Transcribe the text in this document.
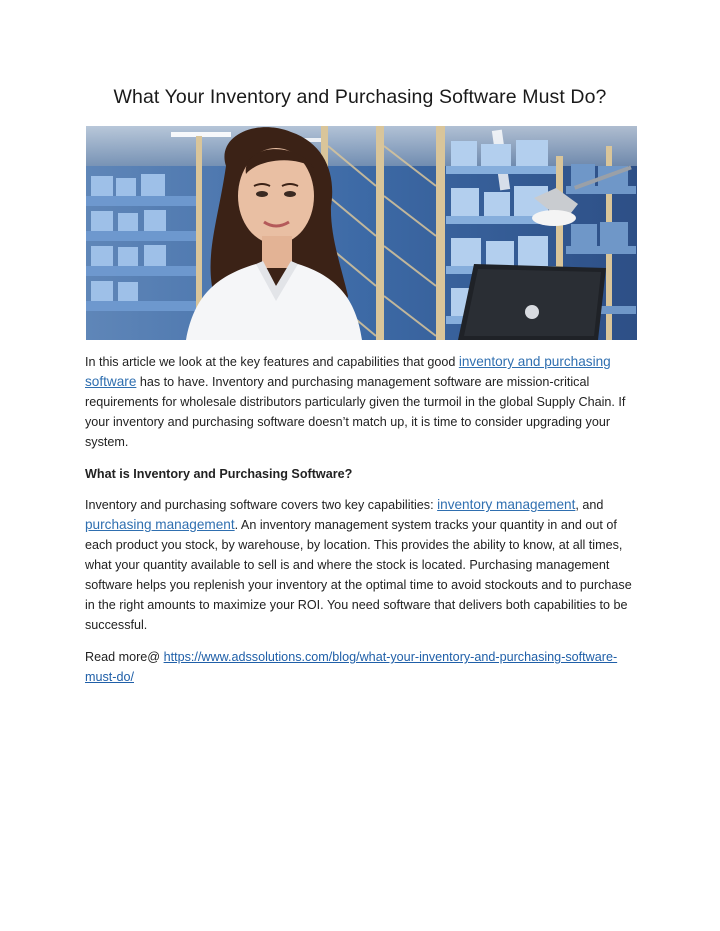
What Your Inventory and Purchasing Software Must Do?

In this article we look at the key features and capabilities that good inventory and purchasing software has to have. Inventory and purchasing management software are mission-critical requirements for wholesale distributors particularly given the turmoil in the global Supply Chain. If your inventory and purchasing software doesn’t match up, it is time to consider upgrading your system.

What is Inventory and Purchasing Software?

Inventory and purchasing software covers two key capabilities: inventory management, and purchasing management. An inventory management system tracks your quantity in and out of each product you stock, by warehouse, by location. This provides the ability to know, at all times, what your quantity available to sell is and where the stock is located. Purchasing management software helps you replenish your inventory at the optimal time to avoid stockouts and to purchase in the right amounts to maximize your ROI. You need software that delivers both capabilities to be successful.

Read more@ https://www.adssolutions.com/blog/what-your-inventory-and-purchasing-software-must-do/
